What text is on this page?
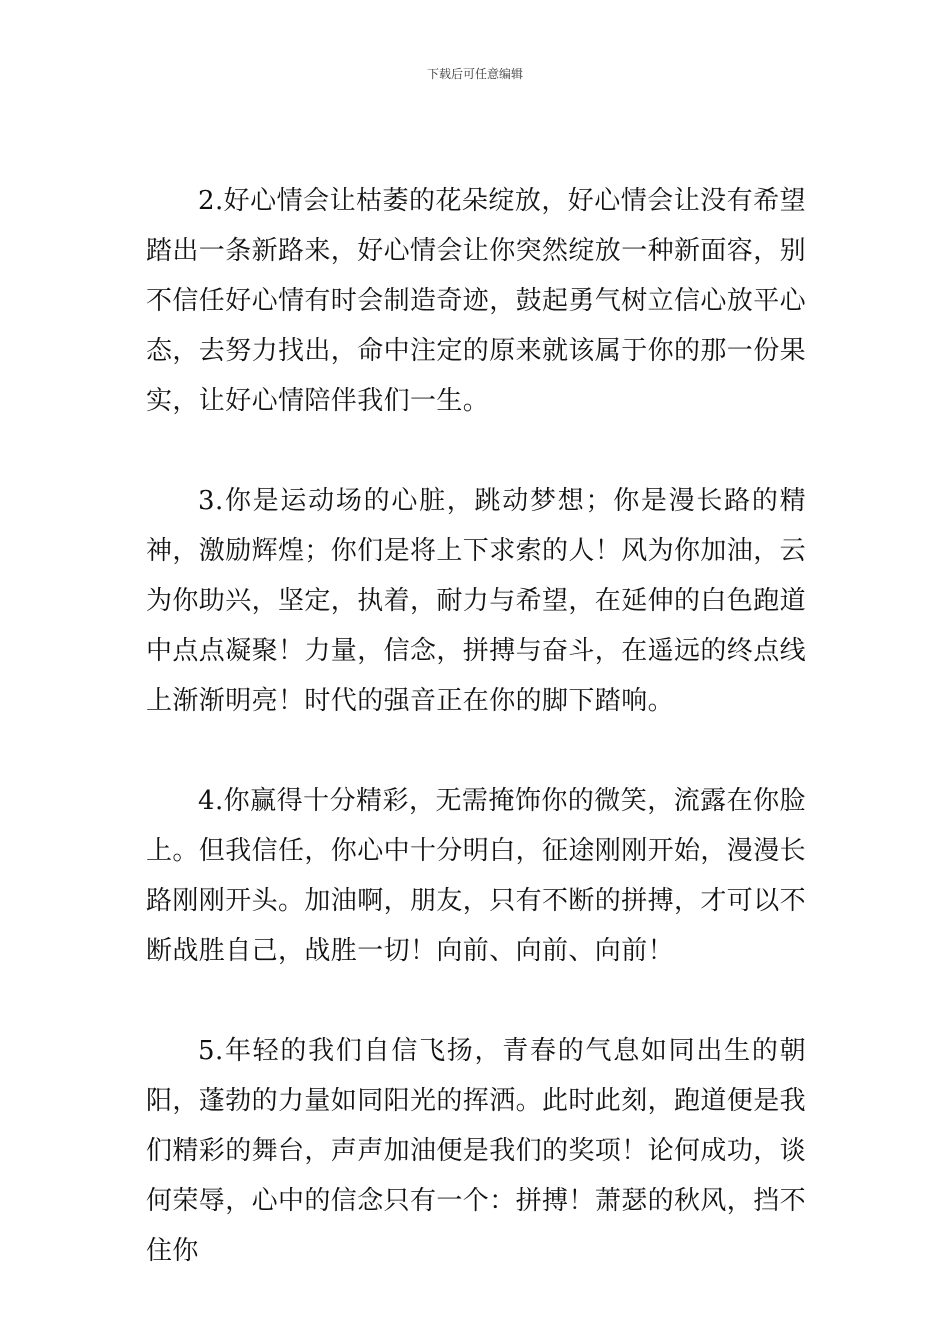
下载后可任意编辑

2.好心情会让枯萎的花朵绽放，好心情会让没有希望踏出一条新路来，好心情会让你突然绽放一种新面容，别不信任好心情有时会制造奇迹，鼓起勇气树立信心放平心态，去努力找出，命中注定的原来就该属于你的那一份果实，让好心情陪伴我们一生。

3.你是运动场的心脏，跳动梦想；你是漫长路的精神，激励辉煌；你们是将上下求索的人！风为你加油，云为你助兴，坚定，执着，耐力与希望，在延伸的白色跑道中点点凝聚！力量，信念，拼搏与奋斗，在遥远的终点线上渐渐明亮！时代的强音正在你的脚下踏响。

4.你赢得十分精彩，无需掩饰你的微笑，流露在你脸上。但我信任，你心中十分明白，征途刚刚开始，漫漫长路刚刚开头。加油啊，朋友，只有不断的拼搏，才可以不断战胜自己，战胜一切！向前、向前、向前！

5.年轻的我们自信飞扬，青春的气息如同出生的朝阳，蓬勃的力量如同阳光的挥洒。此时此刻，跑道便是我们精彩的舞台，声声加油便是我们的奖项！论何成功，谈何荣辱，心中的信念只有一个：拼搏！萧瑟的秋风，挡不住你
